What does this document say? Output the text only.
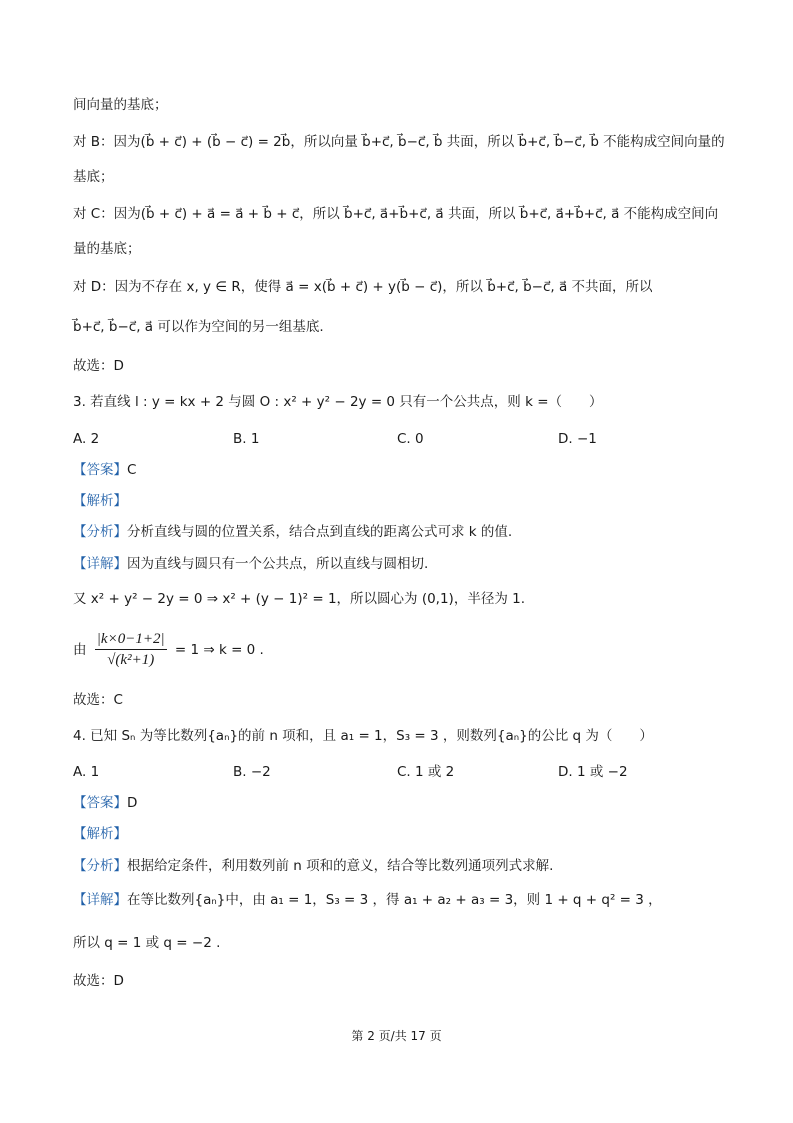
间向量的基底；
对 B：因为(b⃗ + c⃗) + (b⃗ − c⃗) = 2b⃗，所以向量 b⃗+c⃗, b⃗−c⃗, b⃗ 共面，所以 b⃗+c⃗, b⃗−c⃗, b⃗ 不能构成空间向量的
基底；
对 C：因为(b⃗ + c⃗) + a⃗ = a⃗ + b⃗ + c⃗，所以 b⃗+c⃗, a⃗+b⃗+c⃗, a⃗ 共面，所以 b⃗+c⃗, a⃗+b⃗+c⃗, a⃗ 不能构成空间向
量的基底；
对 D：因为不存在 x, y ∈ R，使得 a⃗ = x(b⃗ + c⃗) + y(b⃗ − c⃗)，所以 b⃗+c⃗, b⃗−c⃗, a⃗ 不共面，所以
b⃗+c⃗, b⃗−c⃗, a⃗ 可以作为空间的另一组基底.
故选：D
3. 若直线 l : y = kx + 2 与圆 O : x² + y² − 2y = 0 只有一个公共点，则 k =（　　）
A. 2	B. 1	C. 0	D. −1
【答案】C
【解析】
【分析】分析直线与圆的位置关系，结合点到直线的距离公式可求 k 的值.
【详解】因为直线与圆只有一个公共点，所以直线与圆相切.
又 x² + y² − 2y = 0 ⇒ x² + (y − 1)² = 1，所以圆心为 (0,1)，半径为 1.
由 $\frac{|k\times 0-1+2|}{\text{√(k²+1)}} = 1$ ⇒ k = 0 .
故选：C
4. 已知 Sₙ 为等比数列{aₙ}的前 n 项和，且 a₁ = 1，S₃ = 3 ，则数列{aₙ}的公比 q 为（　　）
A. 1	B. −2	C. 1 或 2	D. 1 或 −2
【答案】D
【解析】
【分析】根据给定条件，利用数列前 n 项和的意义，结合等比数列通项列式求解.
【详解】在等比数列{aₙ}中，由 a₁ = 1，S₃ = 3 ，得 a₁ + a₂ + a₃ = 3，则 1 + q + q² = 3 ，
所以 q = 1 或 q = −2 .
故选：D
第 2 页/共 17 页
